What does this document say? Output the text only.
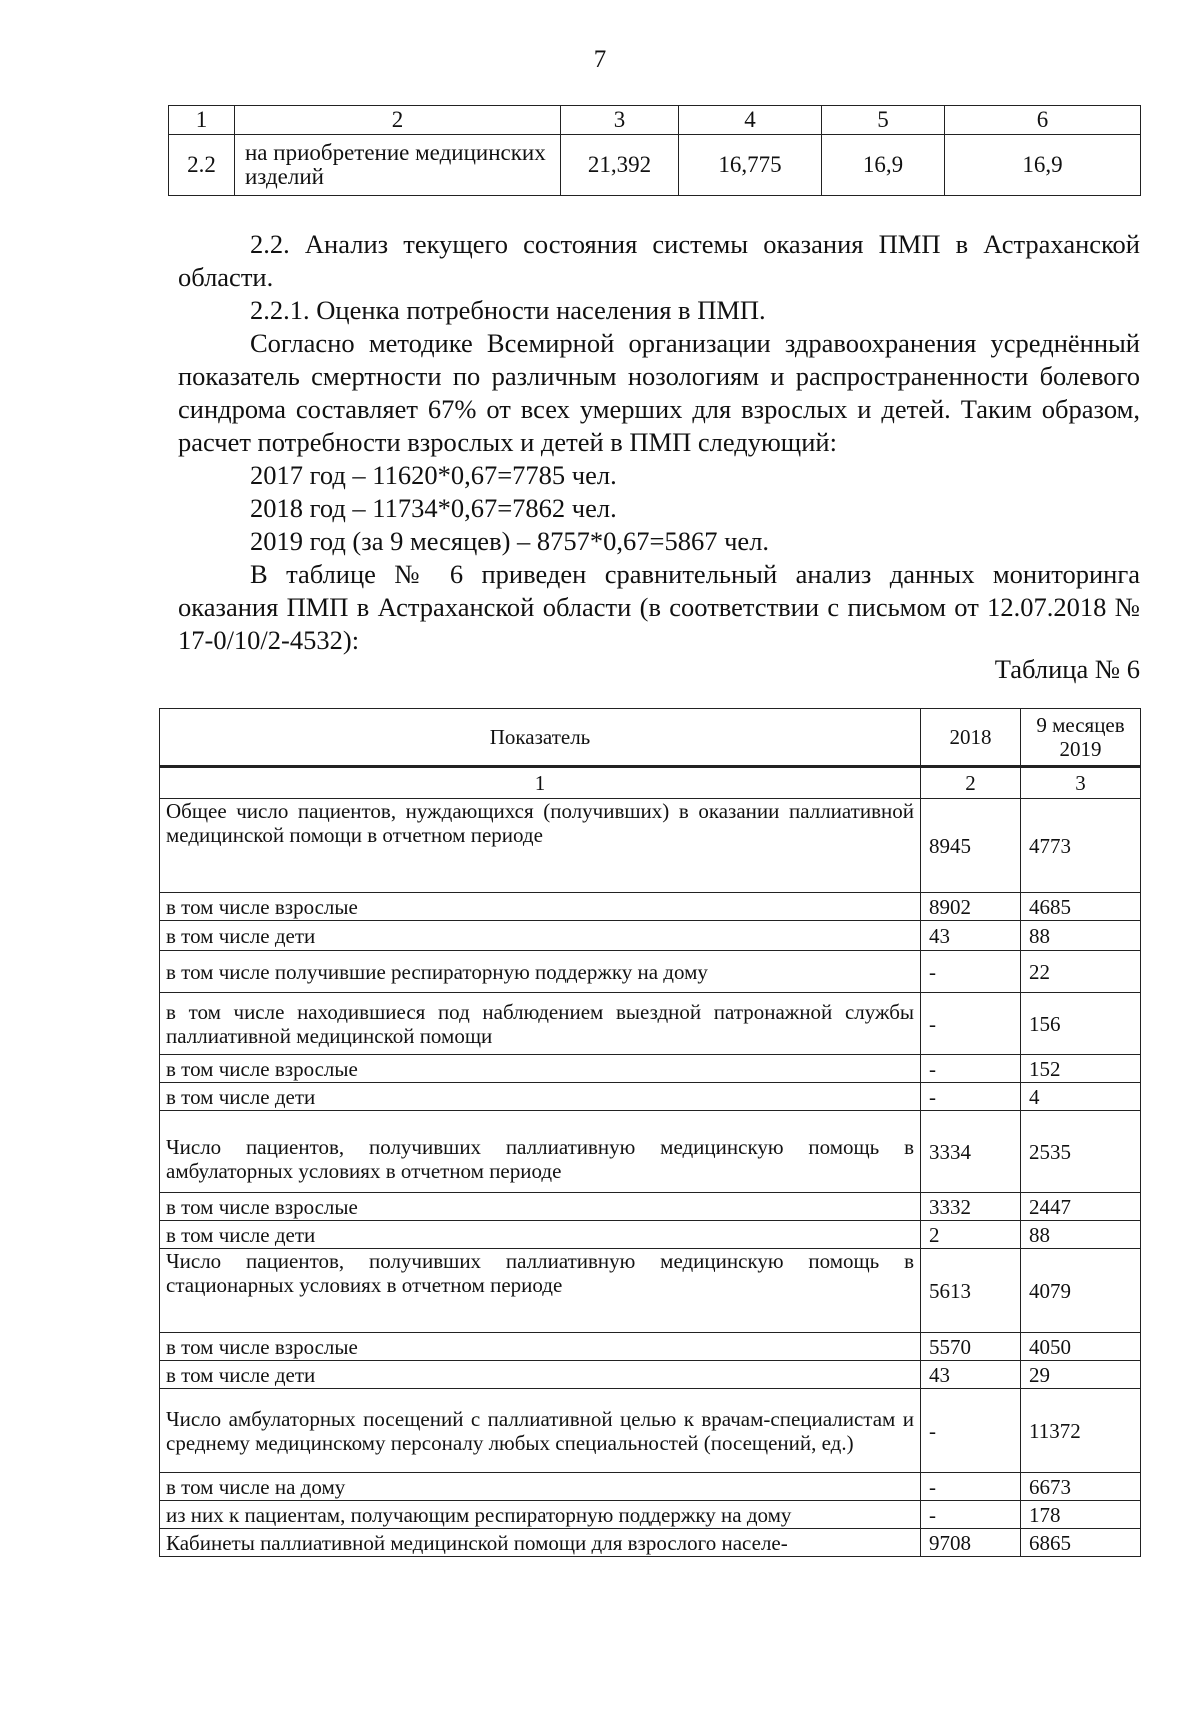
7
1	2	3	4	5	6
2.2	на приобретение медицинских изделий	21,392	16,775	16,9	16,9

2.2. Анализ текущего состояния системы оказания ПМП в Астраханской области.

2.2.1. Оценка потребности населения в ПМП.

Согласно методике Всемирной организации здравоохранения усреднённый показатель смертности по различным нозологиям и распространенности болевого синдрома составляет 67% от всех умерших для взрослых и детей. Таким образом, расчет потребности взрослых и детей в ПМП следующий:

2017 год – 11620*0,67=7785 чел.

2018 год – 11734*0,67=7862 чел.

2019 год (за 9 месяцев) – 8757*0,67=5867 чел.

В таблице № 6 приведен сравнительный анализ данных мониторинга оказания ПМП в Астраханской области (в соответствии с письмом от 12.07.2018 № 17-0/10/2-4532):

Таблица № 6
Показатель	2018	9 месяцев 2019
1	2	3
Общее число пациентов, нуждающихся (получивших) в оказании паллиативной медицинской помощи в отчетном периоде	8945	4773
в том числе взрослые	8902	4685
в том числе дети	43	88
в том числе получившие респираторную поддержку на дому	-	22
в том числе находившиеся под наблюдением выездной патронажной службы паллиативной медицинской помощи	-	156
в том числе взрослые	-	152
в том числе дети	-	4
Число пациентов, получивших паллиативную медицинскую помощь в амбулаторных условиях в отчетном периоде	3334	2535
в том числе взрослые	3332	2447
в том числе дети	2	88
Число пациентов, получивших паллиативную медицинскую помощь в стационарных условиях в отчетном периоде	5613	4079
в том числе взрослые	5570	4050
в том числе дети	43	29
Число амбулаторных посещений с паллиативной целью к врачам-специалистам и среднему медицинскому персоналу любых специальностей (посещений, ед.)	-	11372
в том числе на дому	-	6673
из них к пациентам, получающим респираторную поддержку на дому	-	178
Кабинеты паллиативной медицинской помощи для взрослого населе-	9708	6865
